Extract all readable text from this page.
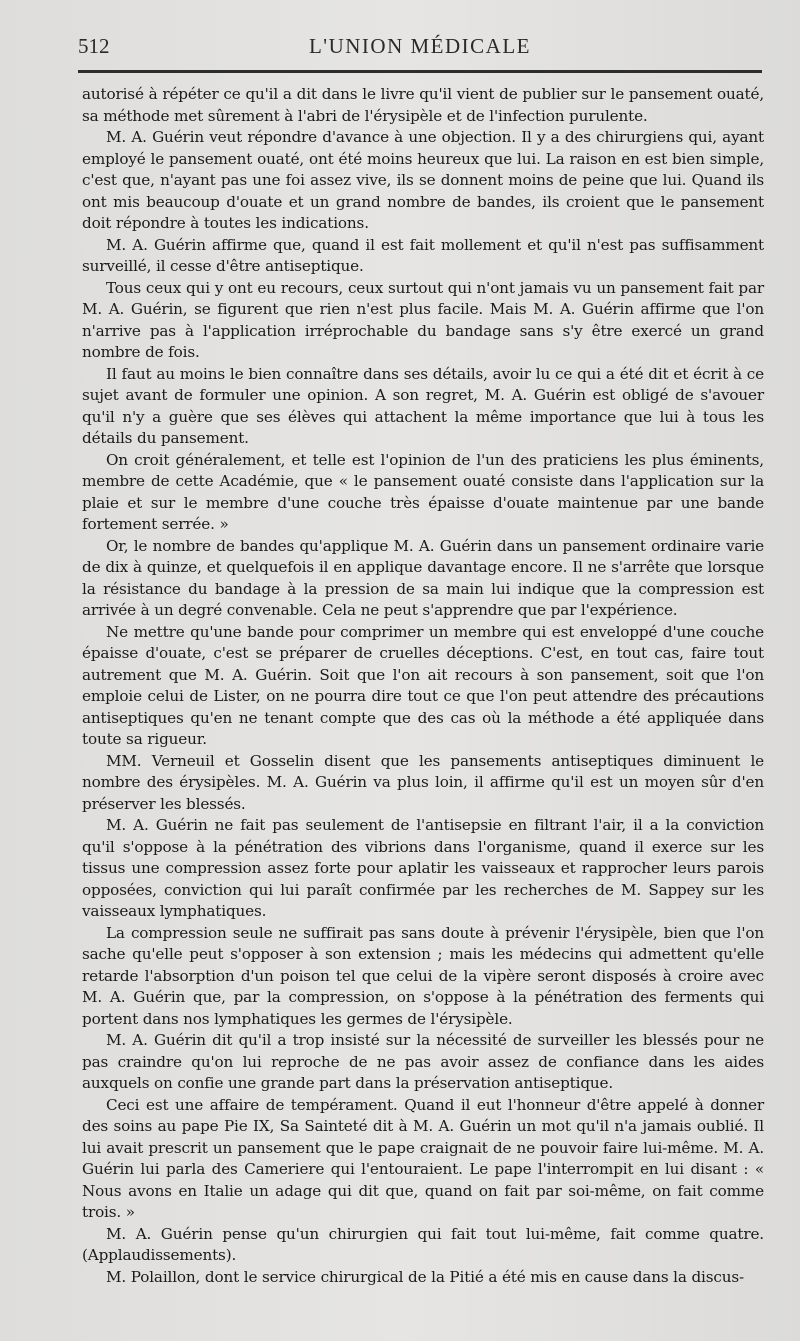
512	L'UNION MÉDICALE

autorisé à répéter ce qu'il a dit dans le livre qu'il vient de publier sur le pansement ouaté, sa méthode met sûrement à l'abri de l'érysipèle et de l'infection purulente.

M. A. Guérin veut répondre d'avance à une objection. Il y a des chirurgiens qui, ayant employé le pansement ouaté, ont été moins heureux que lui. La raison en est bien simple, c'est que, n'ayant pas une foi assez vive, ils se donnent moins de peine que lui. Quand ils ont mis beaucoup d'ouate et un grand nombre de bandes, ils croient que le pansement doit répondre à toutes les indications.

M. A. Guérin affirme que, quand il est fait mollement et qu'il n'est pas suffisamment surveillé, il cesse d'être antiseptique.

Tous ceux qui y ont eu recours, ceux surtout qui n'ont jamais vu un pansement fait par M. A. Guérin, se figurent que rien n'est plus facile. Mais M. A. Guérin affirme que l'on n'arrive pas à l'application irréprochable du bandage sans s'y être exercé un grand nombre de fois.

Il faut au moins le bien connaître dans ses détails, avoir lu ce qui a été dit et écrit à ce sujet avant de formuler une opinion. A son regret, M. A. Guérin est obligé de s'avouer qu'il n'y a guère que ses élèves qui attachent la même importance que lui à tous les détails du pansement.

On croit généralement, et telle est l'opinion de l'un des praticiens les plus éminents, membre de cette Académie, que « le pansement ouaté consiste dans l'application sur la plaie et sur le membre d'une couche très épaisse d'ouate maintenue par une bande fortement serrée. »

Or, le nombre de bandes qu'applique M. A. Guérin dans un pansement ordinaire varie de dix à quinze, et quelquefois il en applique davantage encore. Il ne s'arrête que lorsque la résistance du bandage à la pression de sa main lui indique que la compression est arrivée à un degré convenable. Cela ne peut s'apprendre que par l'expérience.

Ne mettre qu'une bande pour comprimer un membre qui est enveloppé d'une couche épaisse d'ouate, c'est se préparer de cruelles déceptions. C'est, en tout cas, faire tout autrement que M. A. Guérin. Soit que l'on ait recours à son pansement, soit que l'on emploie celui de Lister, on ne pourra dire tout ce que l'on peut attendre des précautions antiseptiques qu'en ne tenant compte que des cas où la méthode a été appliquée dans toute sa rigueur.

MM. Verneuil et Gosselin disent que les pansements antiseptiques diminuent le nombre des érysipèles. M. A. Guérin va plus loin, il affirme qu'il est un moyen sûr d'en préserver les blessés.

M. A. Guérin ne fait pas seulement de l'antisepsie en filtrant l'air, il a la conviction qu'il s'oppose à la pénétration des vibrions dans l'organisme, quand il exerce sur les tissus une compression assez forte pour aplatir les vaisseaux et rapprocher leurs parois opposées, conviction qui lui paraît confirmée par les recherches de M. Sappey sur les vaisseaux lymphatiques.

La compression seule ne suffirait pas sans doute à prévenir l'érysipèle, bien que l'on sache qu'elle peut s'opposer à son extension ; mais les médecins qui admettent qu'elle retarde l'absorption d'un poison tel que celui de la vipère seront disposés à croire avec M. A. Guérin que, par la compression, on s'oppose à la pénétration des ferments qui portent dans nos lymphatiques les germes de l'érysipèle.

M. A. Guérin dit qu'il a trop insisté sur la nécessité de surveiller les blessés pour ne pas craindre qu'on lui reproche de ne pas avoir assez de confiance dans les aides auxquels on confie une grande part dans la préservation antiseptique.

Ceci est une affaire de tempérament. Quand il eut l'honneur d'être appelé à donner des soins au pape Pie IX, Sa Sainteté dit à M. A. Guérin un mot qu'il n'a jamais oublié. Il lui avait prescrit un pansement que le pape craignait de ne pouvoir faire lui-même. M. A. Guérin lui parla des Cameriere qui l'entouraient. Le pape l'interrompit en lui disant : « Nous avons en Italie un adage qui dit que, quand on fait par soi-même, on fait comme trois. »

M. A. Guérin pense qu'un chirurgien qui fait tout lui-même, fait comme quatre. (Applaudissements).

M. Polaillon, dont le service chirurgical de la Pitié a été mis en cause dans la discus-
